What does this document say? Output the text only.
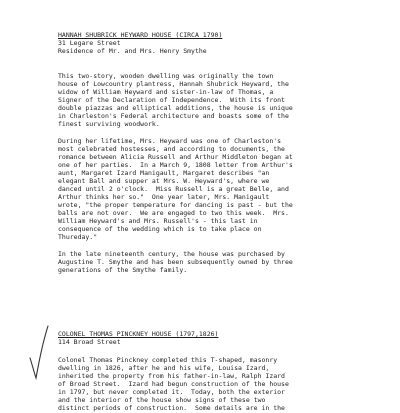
HANNAH SHUBRICK HEYWARD HOUSE (CIRCA 1790)
31 Legare Street
Residence of Mr. and Mrs. Henry Smythe
This two-story, wooden dwelling was originally the town
house of Lowcountry plantress, Hannah Shubrick Heyward, the
widow of William Heyward and sister-in-law of Thomas, a
Signer of the Declaration of Independence.  With its front
double piazzas and elliptical additions, the house is unique
in Charleston's Federal architecture and boasts some of the
finest surviving woodwork.
During her lifetime, Mrs. Heyward was one of Charleston's
most celebrated hostesses, and according to documents, the
romance between Alicia Russell and Arthur Middleton began at
one of her parties.  In a March 9, 1808 letter from Arthur's
aunt, Margaret Izard Manigault, Margaret describes "an
elegant Ball and supper at Mrs. W. Heyward's, where we
danced until 2 o'clock.  Miss Russell is a great Belle, and
Arthur thinks her so."  One year later, Mrs. Manigault
wrote, "the proper temperature for dancing is past - but the
balls are not over.  We are engaged to two this week.  Mrs.
William Heyward's and Mrs. Russell's - this last in
consequence of the wedding which is to take place on
Thureday."
In the late nineteenth century, the house was purchased by
Augustine T. Smythe and has been subsequently owned by three
generations of the Smythe family.
COLONEL THOMAS PINCKNEY HOUSE (1797,1826)
114 Broad Street
Colonel Thomas Pinckney completed this T-shaped, masonry
dwelling in 1826, after he and his wife, Louisa Izard,
inherited the property from his father-in-law, Ralph Izard
of Broad Street.  Izard had begun construction of the house
in 1797, but never completed it.  Today, both the exterior
and the interior of the house show signs of these two
distinct periods of construction.  Some details are in the
